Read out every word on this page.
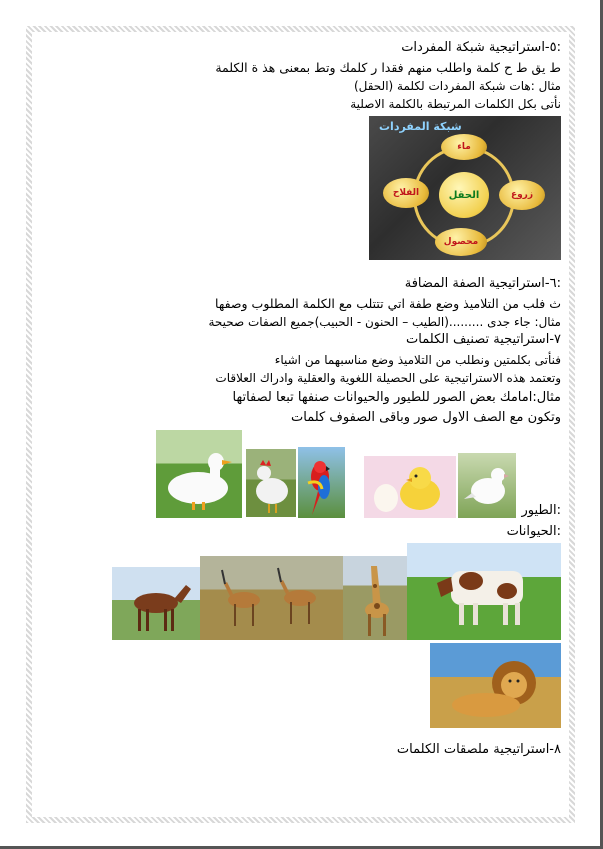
٥-استراتيجية شبكة المفردات:
ط يق ط ح كلمة واطلب منهم فقدا ر كلمك وتط بمعنى هذ ة الكلمة
مثال :هات شبكة المفردات لكلمة (الحقل)
نأتى بكل الكلمات المرتبطة بالكلمة الاصلية
شبكة المفردات
ماء
زروع
محصول
الفلاح	الحقل
٦-استراتيجية الصفة المضافة:
ث فلب من التلاميذ وضع طفة اتي تتتلب مع الكلمة المطلوب وصفها
مثال: جاء جدى .........(الطيب – الحنون - الحبيب)جميع الصفات صحيحة
٧-استراتيجية تصنيف الكلمات
فنأتى بكلمتين ونطلب من التلاميذ وضع مناسبهما من اشياء
وتعتمد هذه الاستراتيجية على الحصيلة اللغوية والعقلية وادراك العلاقات
مثال:امامك بعض الصور للطيور والحيوانات صنفها تبعا لصفاتها
وتكون مع الصف الاول صور وباقى الصفوف كلمات
الطيور:
الحيوانات:
٨-استراتيجية ملصقات الكلمات
